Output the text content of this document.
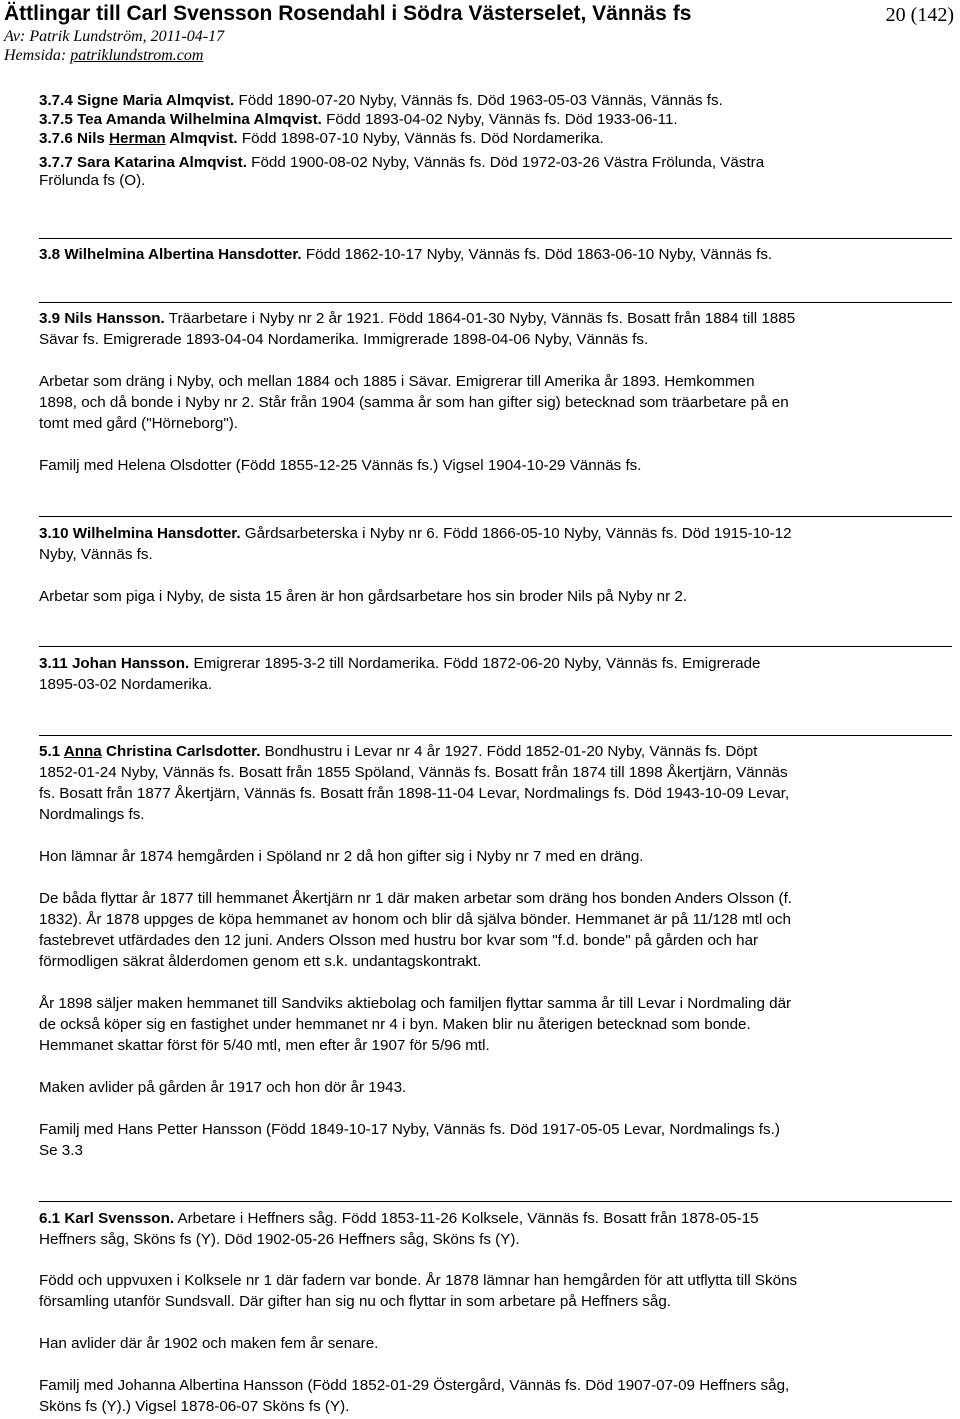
Ättlingar till Carl Svensson Rosendahl i Södra Västerselet, Vännäs fs	20 (142)
Av: Patrik Lundström, 2011-04-17
Hemsida: patriklundstrom.com
3.7.4 Signe Maria Almqvist. Född 1890-07-20 Nyby, Vännäs fs. Död 1963-05-03 Vännäs, Vännäs fs.
3.7.5 Tea Amanda Wilhelmina Almqvist. Född 1893-04-02 Nyby, Vännäs fs. Död 1933-06-11.
3.7.6 Nils Herman Almqvist. Född 1898-07-10 Nyby, Vännäs fs. Död Nordamerika.
3.7.7 Sara Katarina Almqvist. Född 1900-08-02 Nyby, Vännäs fs. Död 1972-03-26 Västra Frölunda, Västra
Frölunda fs (O).
3.8 Wilhelmina Albertina Hansdotter. Född 1862-10-17 Nyby, Vännäs fs. Död 1863-06-10 Nyby, Vännäs fs.
3.9 Nils Hansson. Träarbetare i Nyby nr 2 år 1921. Född 1864-01-30 Nyby, Vännäs fs. Bosatt från 1884 till 1885
Sävar fs. Emigrerade 1893-04-04 Nordamerika. Immigrerade 1898-04-06 Nyby, Vännäs fs.
Arbetar som dräng i Nyby, och mellan 1884 och 1885 i Sävar. Emigrerar till Amerika år 1893. Hemkommen
1898, och då bonde i Nyby nr 2. Står från 1904 (samma år som han gifter sig) betecknad som träarbetare på en
tomt med gård ("Hörneborg").
Familj med Helena Olsdotter (Född 1855-12-25 Vännäs fs.) Vigsel 1904-10-29 Vännäs fs.
3.10 Wilhelmina Hansdotter. Gårdsarbeterska i Nyby nr 6. Född 1866-05-10 Nyby, Vännäs fs. Död 1915-10-12
Nyby, Vännäs fs.
Arbetar som piga i Nyby, de sista 15 åren är hon gårdsarbetare hos sin broder Nils på Nyby nr 2.
3.11 Johan Hansson. Emigrerar 1895-3-2 till Nordamerika. Född 1872-06-20 Nyby, Vännäs fs. Emigrerade
1895-03-02 Nordamerika.
5.1 Anna Christina Carlsdotter. Bondhustru i Levar nr 4 år 1927. Född 1852-01-20 Nyby, Vännäs fs. Döpt
1852-01-24 Nyby, Vännäs fs. Bosatt från 1855 Spöland, Vännäs fs. Bosatt från 1874 till 1898 Åkertjärn, Vännäs
fs. Bosatt från 1877 Åkertjärn, Vännäs fs. Bosatt från 1898-11-04 Levar, Nordmalings fs. Död 1943-10-09 Levar,
Nordmalings fs.
Hon lämnar år 1874 hemgården i Spöland nr 2 då hon gifter sig i Nyby nr 7 med en dräng.
De båda flyttar år 1877 till hemmanet Åkertjärn nr 1 där maken arbetar som dräng hos bonden Anders Olsson (f.
1832). År 1878 uppges de köpa hemmanet av honom och blir då själva bönder. Hemmanet är på 11/128 mtl och
fastebrevet utfärdades den 12 juni. Anders Olsson med hustru bor kvar som "f.d. bonde" på gården och har
förmodligen säkrat ålderdomen genom ett s.k. undantagskontrakt.
År 1898 säljer maken hemmanet till Sandviks aktiebolag och familjen flyttar samma år till Levar i Nordmaling där
de också köper sig en fastighet under hemmanet nr 4 i byn. Maken blir nu återigen betecknad som bonde.
Hemmanet skattar först för 5/40 mtl, men efter år 1907 för 5/96 mtl.
Maken avlider på gården år 1917 och hon dör år 1943.
Familj med Hans Petter Hansson (Född 1849-10-17 Nyby, Vännäs fs. Död 1917-05-05 Levar, Nordmalings fs.)
Se 3.3
6.1 Karl Svensson. Arbetare i Heffners såg. Född 1853-11-26 Kolksele, Vännäs fs. Bosatt från 1878-05-15
Heffners såg, Sköns fs (Y). Död 1902-05-26 Heffners såg, Sköns fs (Y).
Född och uppvuxen i Kolksele nr 1 där fadern var bonde. År 1878 lämnar han hemgården för att utflytta till Sköns
församling utanför Sundsvall. Där gifter han sig nu och flyttar in som arbetare på Heffners såg.
Han avlider där år 1902 och maken fem år senare.
Familj med Johanna Albertina Hansson (Född 1852-01-29 Östergård, Vännäs fs. Död 1907-07-09 Heffners såg,
Sköns fs (Y).) Vigsel 1878-06-07 Sköns fs (Y).
